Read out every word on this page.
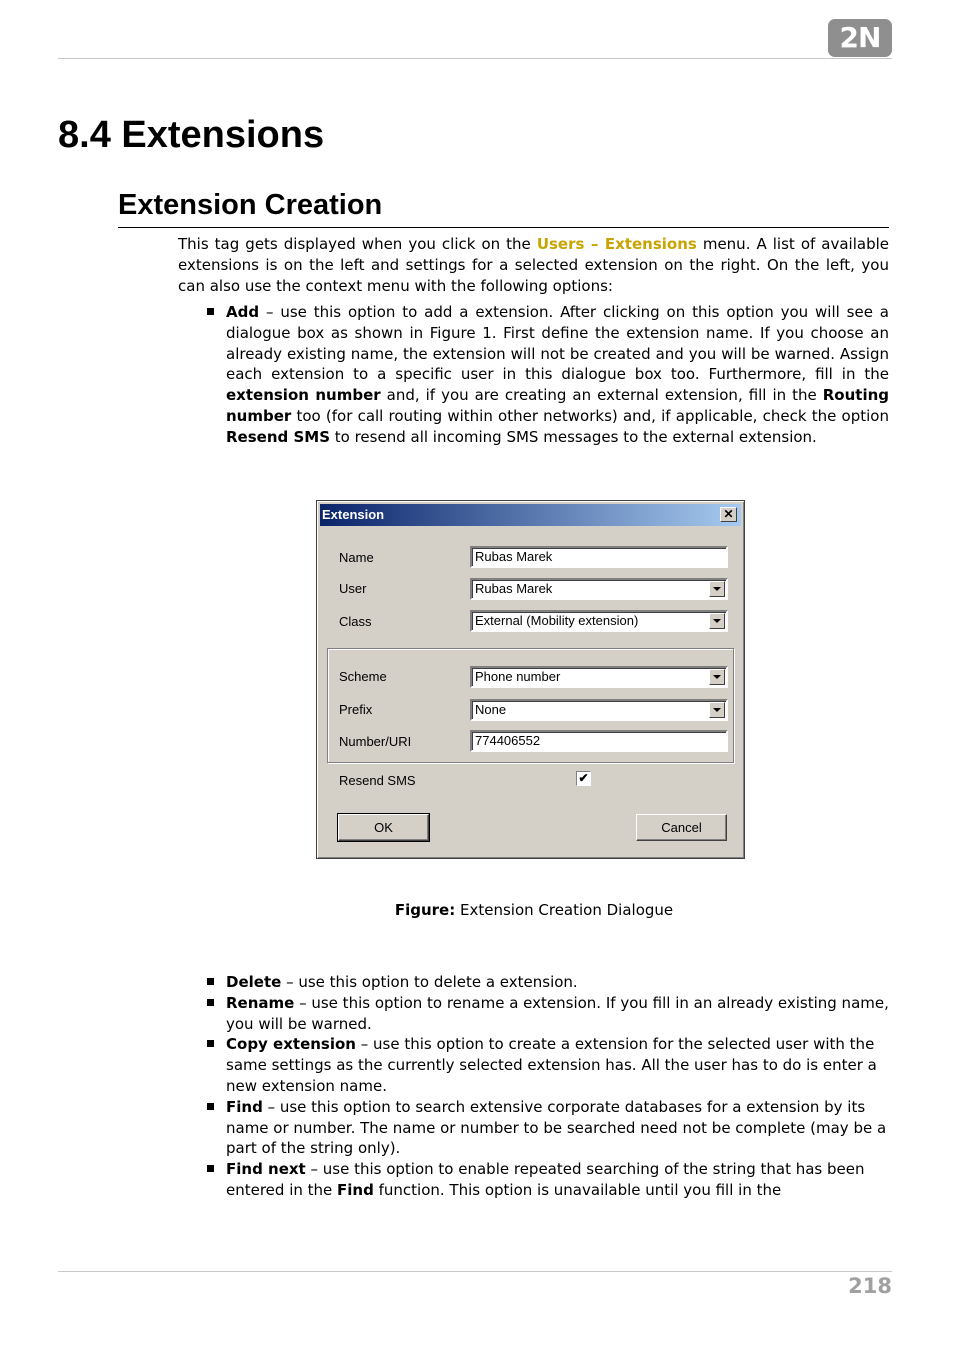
2N
8.4 Extensions
Extension Creation

This tag gets displayed when you click on the Users – Extensions menu. A list of available extensions is on the left and settings for a selected extension on the right. On the left, you can also use the context menu with the following options:

Add – use this option to add a extension. After clicking on this option you will see a dialogue box as shown in Figure 1. First define the extension name. If you choose an already existing name, the extension will not be created and you will be warned. Assign each extension to a specific user in this dialogue box too. Furthermore, fill in the extension number and, if you are creating an external extension, fill in the Routing number too (for call routing within other networks) and, if applicable, check the option Resend SMS to resend all incoming SMS messages to the external extension.
Extension	✕
Name	Rubas Marek
User	Rubas Marek
Class	External (Mobility extension)
Scheme	Phone number
Prefix	None
Number/URI	774406552
Resend SMS	✔
OK	Cancel

Figure: Extension Creation Dialogue

Delete – use this option to delete a extension.
Rename – use this option to rename a extension. If you fill in an already existing name, you will be warned.
Copy extension – use this option to create a extension for the selected user with the same settings as the currently selected extension has. All the user has to do is enter a new extension name.
Find – use this option to search extensive corporate databases for a extension by its name or number. The name or number to be searched need not be complete (may be a part of the string only).
Find next – use this option to enable repeated searching of the string that has been entered in the Find function. This option is unavailable until you fill in the
218
